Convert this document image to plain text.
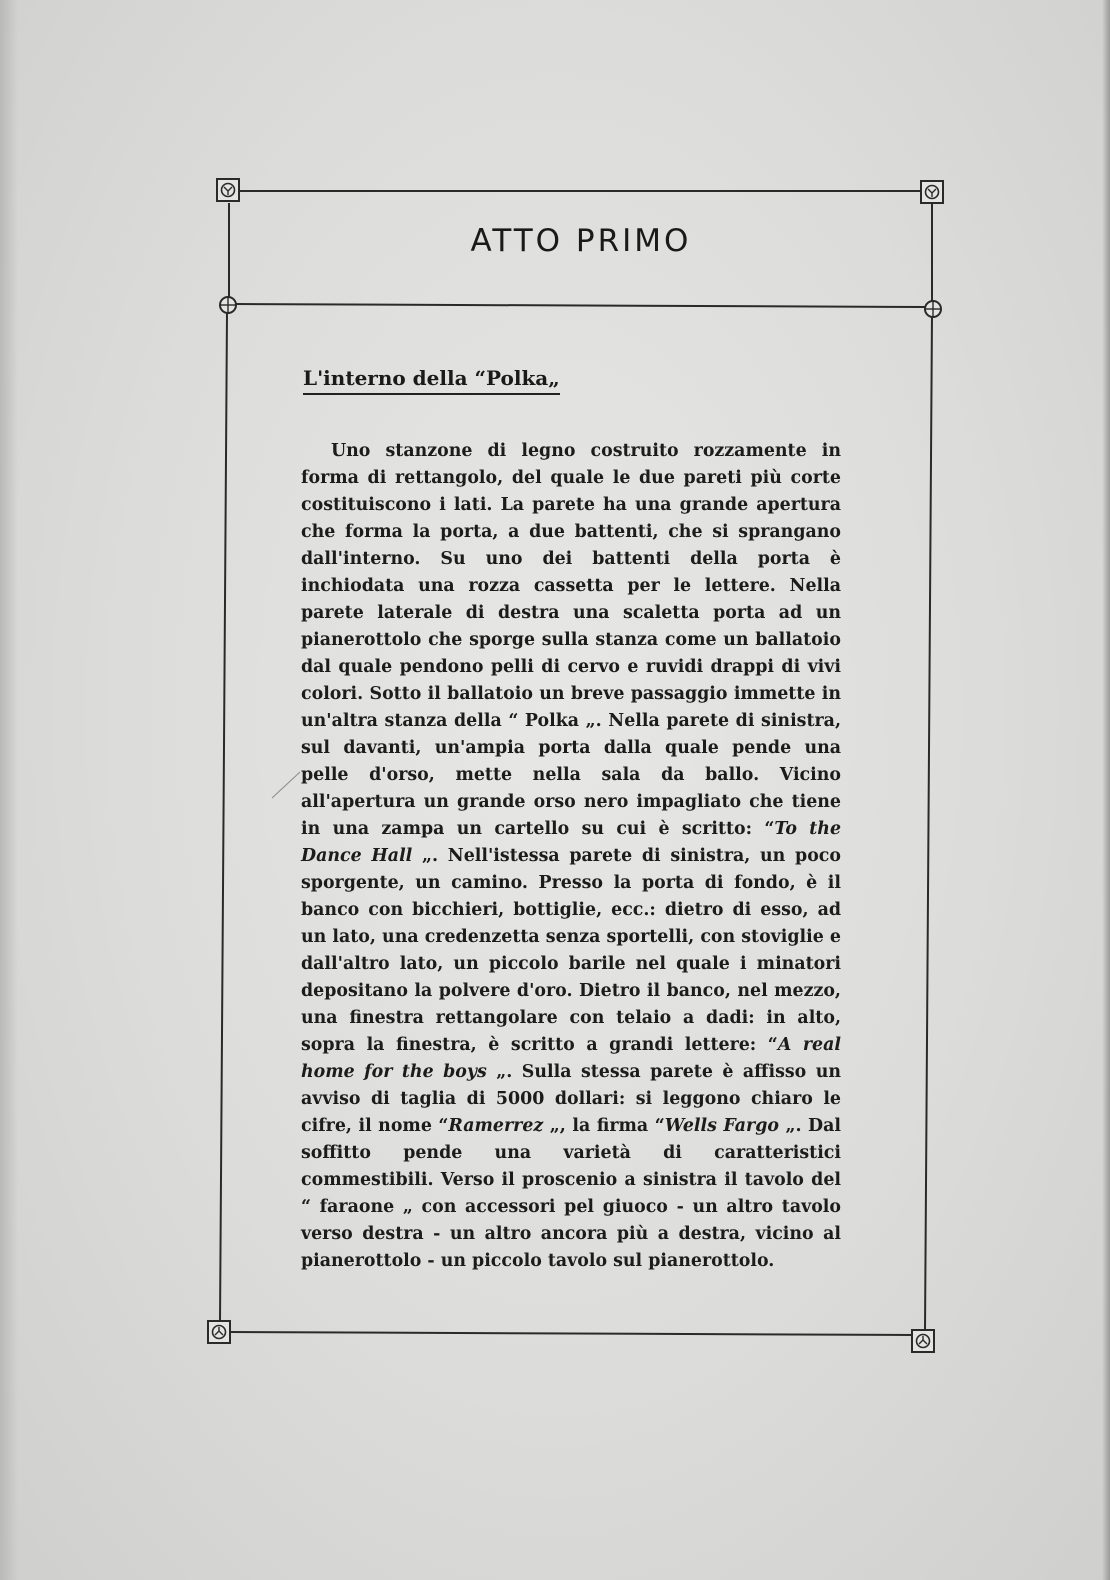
ATTO PRIMO
L'interno della “Polka„

Uno stanzone di legno costruito rozzamente in forma di rettangolo, del quale le due pareti più corte costituiscono i lati. La parete ha una grande apertura che forma la porta, a due battenti, che si sprangano dall'interno. Su uno dei battenti della porta è inchiodata una rozza cassetta per le lettere. Nella parete laterale di destra una scaletta porta ad un pianerottolo che sporge sulla stanza come un ballatoio dal quale pendono pelli di cervo e ruvidi drappi di vivi colori. Sotto il ballatoio un breve passaggio immette in un'altra stanza della “ Polka „. Nella parete di sinistra, sul davanti, un'ampia porta dalla quale pende una pelle d'orso, mette nella sala da ballo. Vicino all'apertura un grande orso nero impagliato che tiene in una zampa un cartello su cui è scritto: “To the Dance Hall „. Nell'istessa parete di sinistra, un poco sporgente, un camino. Presso la porta di fondo, è il banco con bicchieri, bottiglie, ecc.: dietro di esso, ad un lato, una credenzetta senza sportelli, con stoviglie e dall'altro lato, un piccolo barile nel quale i minatori depositano la polvere d'oro. Dietro il banco, nel mezzo, una finestra rettangolare con telaio a dadi: in alto, sopra la finestra, è scritto a grandi lettere: “A real home for the boys „. Sulla stessa parete è affisso un avviso di taglia di 5000 dollari: si leggono chiaro le cifre, il nome “Ramerrez „, la firma “Wells Fargo „. Dal soffitto pende una varietà di caratteristici commestibili. Verso il proscenio a sinistra il tavolo del “ faraone „ con accessori pel giuoco - un altro tavolo verso destra - un altro ancora più a destra, vicino al pianerottolo - un piccolo tavolo sul pianerottolo.
